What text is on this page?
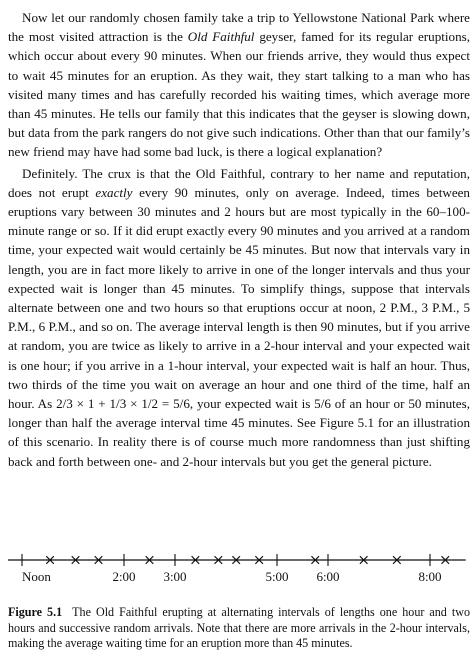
Now let our randomly chosen family take a trip to Yellowstone National Park where the most visited attraction is the Old Faithful geyser, famed for its regular eruptions, which occur about every 90 minutes. When our friends arrive, they would thus expect to wait 45 minutes for an eruption. As they wait, they start talking to a man who has visited many times and has carefully recorded his waiting times, which average more than 45 minutes. He tells our family that this indicates that the geyser is slowing down, but data from the park rangers do not give such indications. Other than that our family’s new friend may have had some bad luck, is there a logical explanation?

Definitely. The crux is that the Old Faithful, contrary to her name and reputation, does not erupt exactly every 90 minutes, only on average. Indeed, times between eruptions vary between 30 minutes and 2 hours but are most typically in the 60–100-minute range or so. If it did erupt exactly every 90 minutes and you arrived at a random time, your expected wait would certainly be 45 minutes. But now that intervals vary in length, you are in fact more likely to arrive in one of the longer intervals and thus your expected wait is longer than 45 minutes. To simplify things, suppose that intervals alternate between one and two hours so that eruptions occur at noon, 2 P.M., 3 P.M., 5 P.M., 6 P.M., and so on. The average interval length is then 90 minutes, but if you arrive at random, you are twice as likely to arrive in a 2-hour interval and your expected wait is one hour; if you arrive in a 1-hour interval, your expected wait is half an hour. Thus, two thirds of the time you wait on average an hour and one third of the time, half an hour. As 2/3 × 1 + 1/3 × 1/2 = 5/6, your expected wait is 5/6 of an hour or 50 minutes, longer than half the average interval time 45 minutes. See Figure 5.1 for an illustration of this scenario. In reality there is of course much more randomness than just shifting back and forth between one- and 2-hour intervals but you get the general picture.

Noon	2:00 3:00	5:00 6:00	8:00

Figure 5.1 The Old Faithful erupting at alternating intervals of lengths one hour and two hours and successive random arrivals. Note that there are more arrivals in the 2-hour intervals, making the average waiting time for an eruption more than 45 minutes.
